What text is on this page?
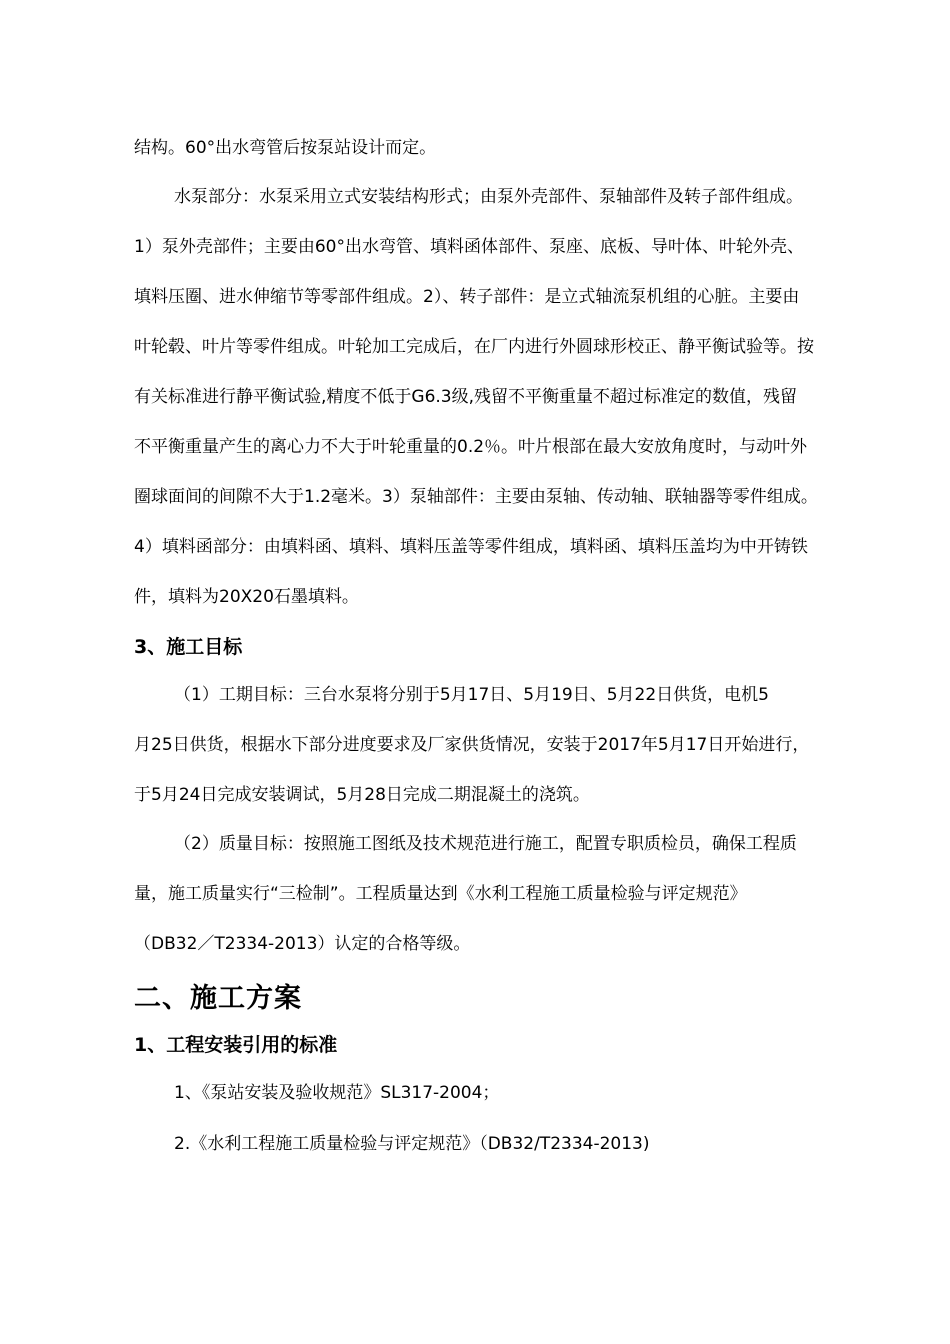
结构。60°出水弯管后按泵站设计而定。
水泵部分：水泵采用立式安装结构形式；由泵外壳部件、泵轴部件及转子部件组成。
1）泵外壳部件；主要由60°出水弯管、填料函体部件、泵座、底板、导叶体、叶轮外壳、
填料压圈、进水伸缩节等零部件组成。2）、转子部件：是立式轴流泵机组的心脏。主要由
叶轮毂、叶片等零件组成。叶轮加工完成后，在厂内进行外圆球形校正、静平衡试验等。按
有关标准进行静平衡试验,精度不低于G6.3级,残留不平衡重量不超过标准定的数值，残留
不平衡重量产生的离心力不大于叶轮重量的0.2％。叶片根部在最大安放角度时，与动叶外
圈球面间的间隙不大于1.2毫米。3）泵轴部件：主要由泵轴、传动轴、联轴器等零件组成。
4）填料函部分：由填料函、填料、填料压盖等零件组成，填料函、填料压盖均为中开铸铁
件，填料为20X20石墨填料。
3、施工目标
（1）工期目标：三台水泵将分别于5月17日、5月19日、5月22日供货，电机5
月25日供货，根据水下部分进度要求及厂家供货情况，安装于2017年5月17日开始进行，
于5月24日完成安装调试，5月28日完成二期混凝土的浇筑。
（2）质量目标：按照施工图纸及技术规范进行施工，配置专职质检员，确保工程质
量，施工质量实行“三检制”。工程质量达到《水利工程施工质量检验与评定规范》
（DB32／T2334-2013）认定的合格等级。
二、施工方案
1、工程安装引用的标准
1、《泵站安装及验收规范》SL317-2004；
2.《水利工程施工质量检验与评定规范》（DB32/T2334-2013)
